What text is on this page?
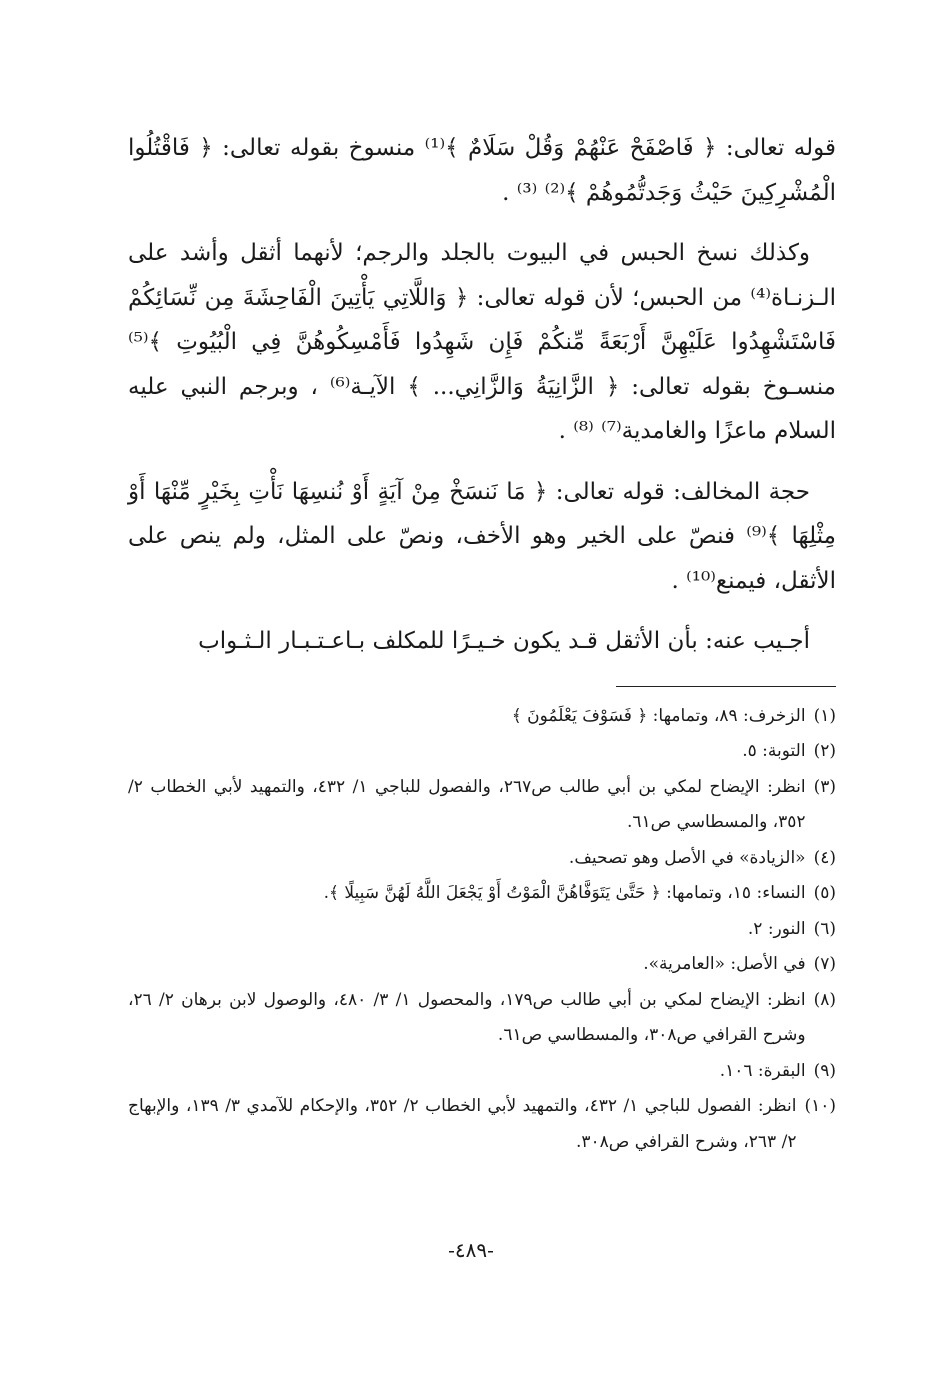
قوله تعالى: ﴿ فَاصْفَحْ عَنْهُمْ وَقُلْ سَلَامٌ ﴾⁽¹⁾ منسوخ بقوله تعالى: ﴿ فَاقْتُلُوا الْمُشْرِكِينَ حَيْثُ وَجَدتُّمُوهُمْ ﴾⁽²⁾ ⁽³⁾ .

وكذلك نسخ الحبس في البيوت بالجلد والرجم؛ لأنهما أثقل وأشد على الـزنـاة⁽⁴⁾ من الحبس؛ لأن قوله تعالى: ﴿ وَاللَّاتِي يَأْتِينَ الْفَاحِشَةَ مِن نِّسَائِكُمْ فَاسْتَشْهِدُوا عَلَيْهِنَّ أَرْبَعَةً مِّنكُمْ فَإِن شَهِدُوا فَأَمْسِكُوهُنَّ فِي الْبُيُوتِ ﴾⁽⁵⁾ منسـوخ بقوله تعالى: ﴿ الزَّانِيَةُ وَالزَّانِي... ﴾ الآيـة⁽⁶⁾ ، وبرجم النبي عليه السلام ماعزًا والغامدية⁽⁷⁾ ⁽⁸⁾ .

حجة المخالف: قوله تعالى: ﴿ مَا نَنسَخْ مِنْ آيَةٍ أَوْ نُنسِهَا نَأْتِ بِخَيْرٍ مِّنْهَا أَوْ مِثْلِهَا ﴾⁽⁹⁾ فنصّ على الخير وهو الأخف، ونصّ على المثل، ولم ينص على الأثقل، فيمنع⁽¹⁰⁾ .

أجـيب عنه: بأن الأثقل قـد يكون خـيـرًا للمكلف بـاعـتـبـار الـثـواب

(١)
الزخرف: ٨٩، وتمامها: ﴿ فَسَوْفَ يَعْلَمُونَ ﴾
(٢)
التوبة: ٥.
(٣)
انظر: الإيضاح لمكي بن أبي طالب ص٢٦٧، والفصول للباجي ١/ ٤٣٢، والتمهيد لأبي الخطاب ٢/ ٣٥٢، والمسطاسي ص٦١.
(٤)
«الزيادة» في الأصل وهو تصحيف.
(٥)
النساء: ١٥، وتمامها: ﴿ حَتَّىٰ يَتَوَفَّاهُنَّ الْمَوْتُ أَوْ يَجْعَلَ اللَّهُ لَهُنَّ سَبِيلًا ﴾.
(٦)
النور: ٢.
(٧)
في الأصل: «العامرية».
(٨)
انظر: الإيضاح لمكي بن أبي طالب ص١٧٩، والمحصول ١/ ٣/ ٤٨٠، والوصول لابن برهان ٢/ ٢٦، وشرح القرافي ص٣٠٨، والمسطاسي ص٦١.
(٩)
البقرة: ١٠٦.
(١٠)
انظر: الفصول للباجي ١/ ٤٣٢، والتمهيد لأبي الخطاب ٢/ ٣٥٢، والإحكام للآمدي ٣/ ١٣٩، والإبهاج ٢/ ٢٦٣، وشرح القرافي ص٣٠٨.
-٤٨٩-
